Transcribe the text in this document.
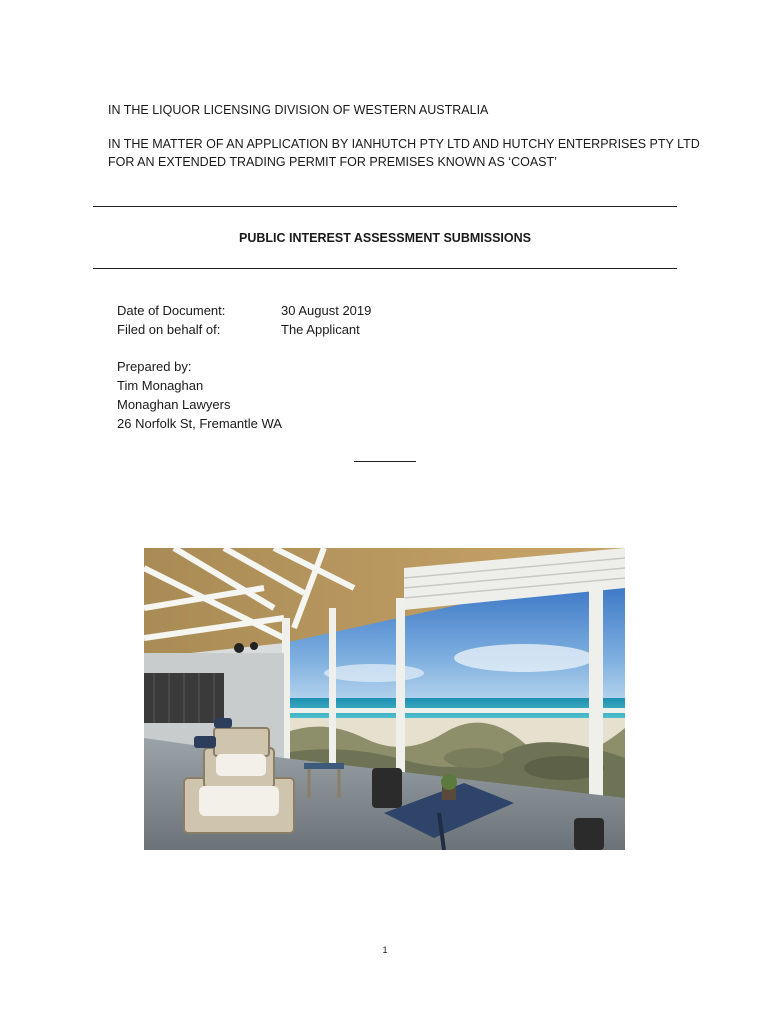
IN THE LIQUOR LICENSING DIVISION OF WESTERN AUSTRALIA
IN THE MATTER OF AN APPLICATION BY IANHUTCH PTY LTD AND HUTCHY ENTERPRISES PTY LTD
FOR AN EXTENDED TRADING PERMIT FOR PREMISES KNOWN AS ‘COAST’
PUBLIC INTEREST ASSESSMENT SUBMISSIONS
Date of Document:	30 August 2019
Filed on behalf of:	The Applicant
Prepared by:
Tim Monaghan
Monaghan Lawyers
26 Norfolk St, Fremantle WA
1
